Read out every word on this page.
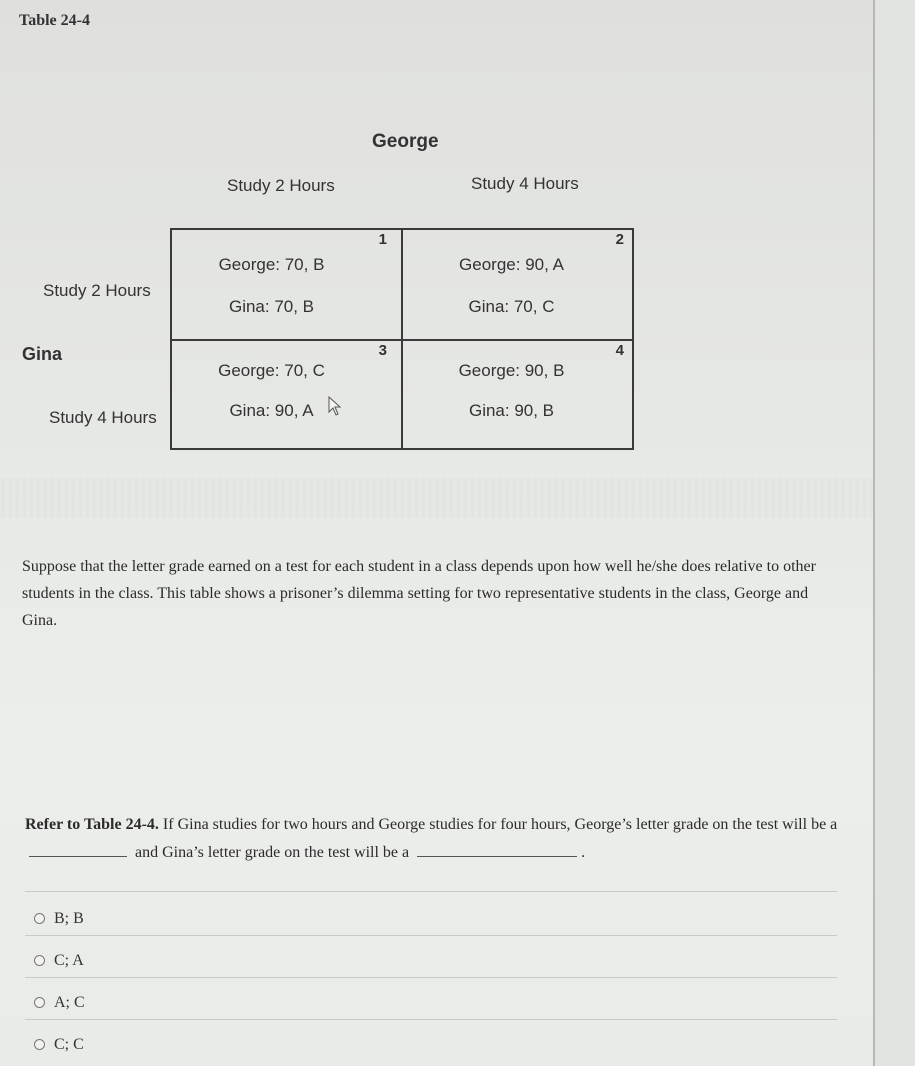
Table 24-4
George
Study 2 Hours	Study 4 Hours
Study 2 Hours
Gina
Study 4 Hours
1
George: 70, B
Gina: 70, B
2
George: 90, A
Gina: 70, C
3
George: 70, C
Gina: 90, A
4
George: 90, B
Gina: 90, B
Suppose that the letter grade earned on a test for each student in a class depends upon how well he/she does relative to other students in the class. This table shows a prisoner’s dilemma setting for two representative students in the class, George and Gina.
Refer to Table 24-4. If Gina studies for two hours and George studies for four hours, George’s letter grade on the test will be a  and Gina’s letter grade on the test will be a	.
B; B
C; A
A; C
C; C
